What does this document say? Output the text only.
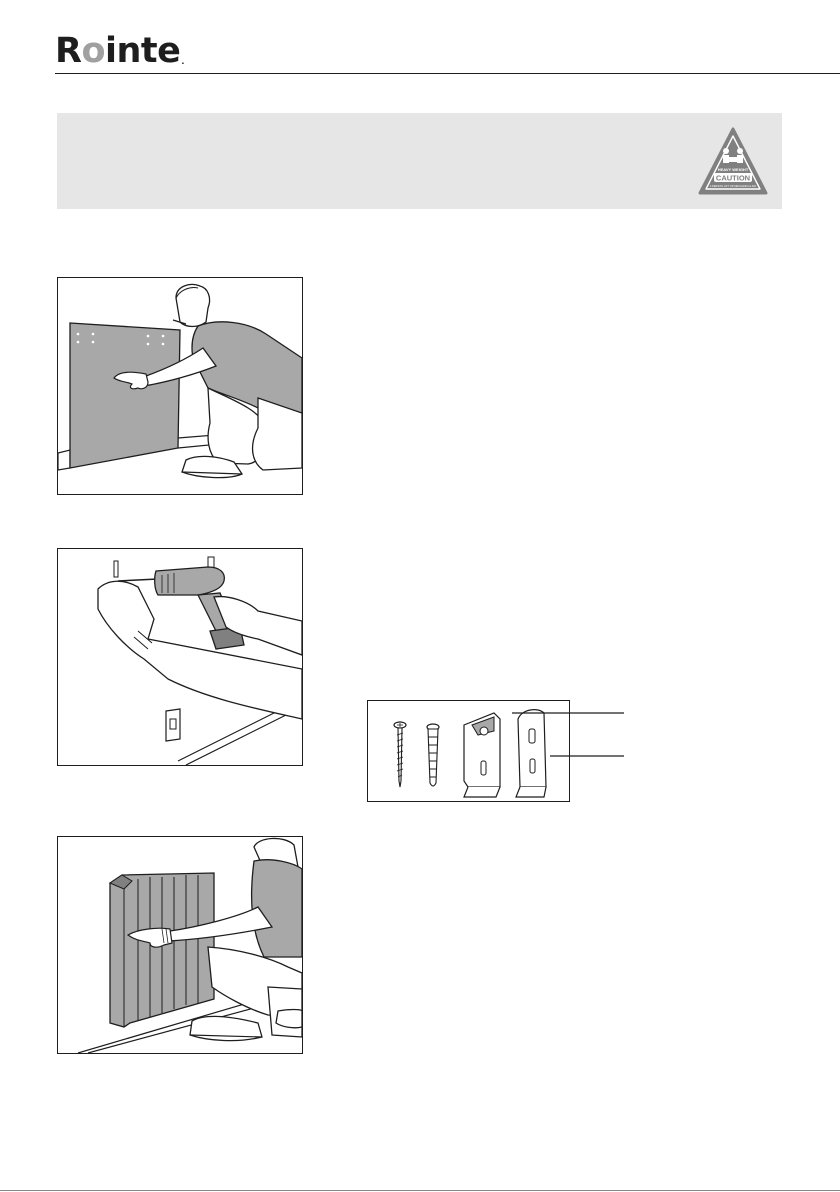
Rointe.
HEAVY WEIGHT
CAUTION
2 PERSON LIFT OR MECHANICAL AID
